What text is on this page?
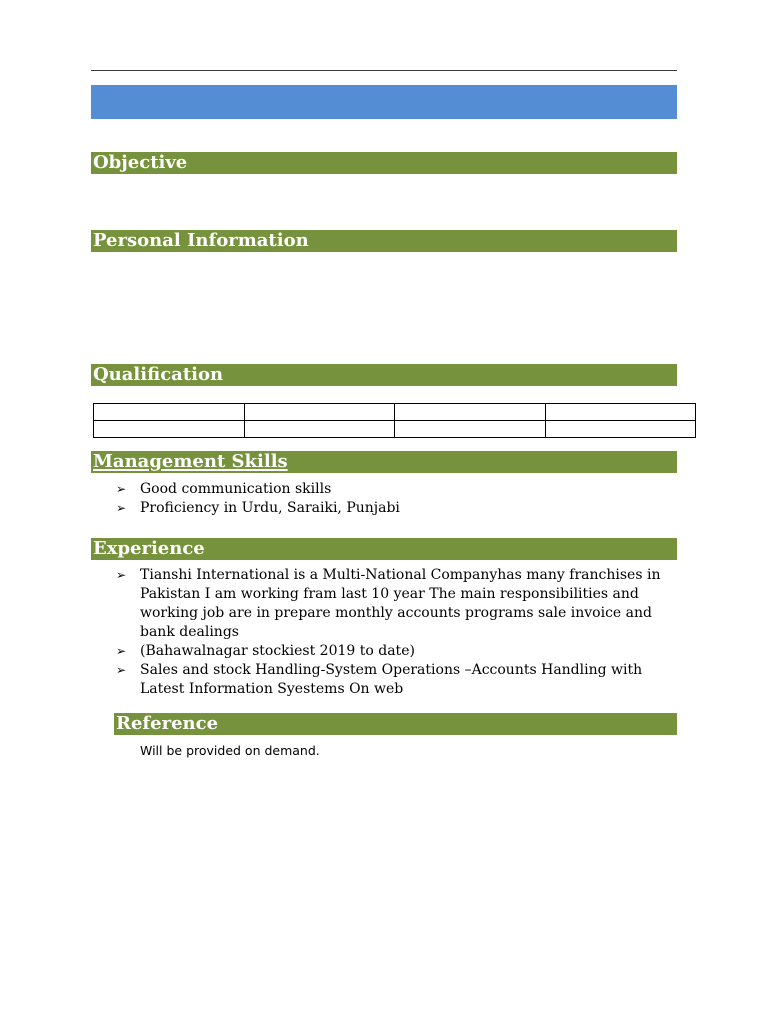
Objective
Personal Information
Qualification

Management Skills
➢ Good communication skills
➢ Proficiency in Urdu, Saraiki, Punjabi
Experience
➢ Tianshi International is a Multi-National Companyhas many franchises in Pakistan I am working fram last 10 year The main responsibilities and working job are in prepare monthly accounts programs sale invoice and bank dealings
➢ (Bahawalnagar stockiest 2019 to date)
➢ Sales and stock Handling-System Operations –Accounts Handling with Latest Information Syestems On web
Reference
Will be provided on demand.
